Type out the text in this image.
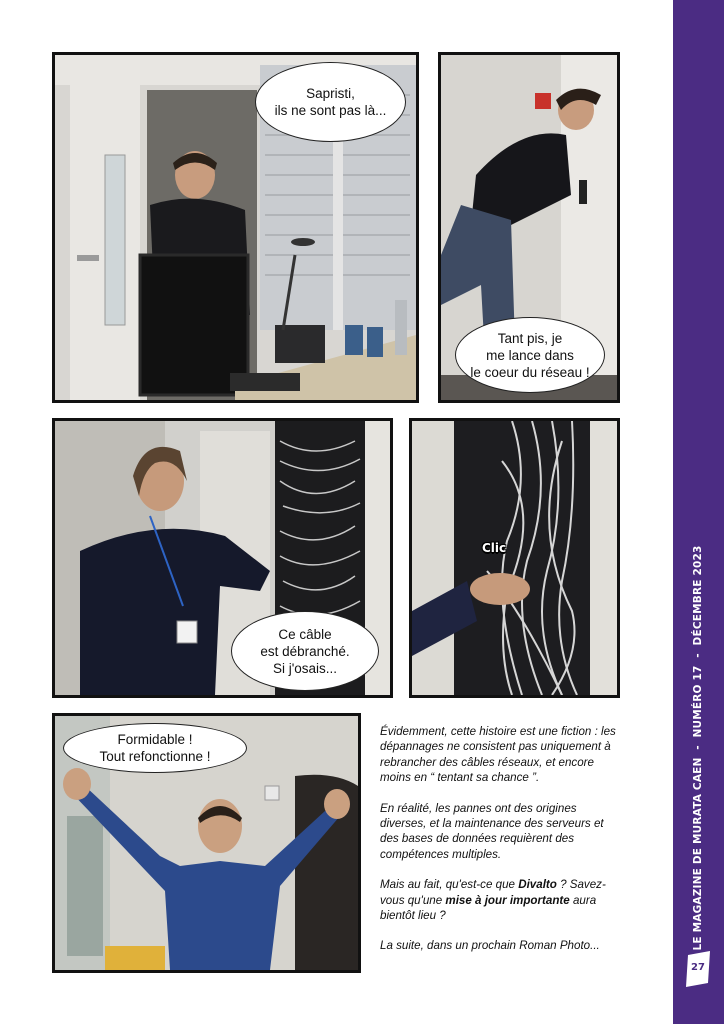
Sapristi,
ils ne sont pas là...
Tant pis, je
me lance dans
le coeur du réseau !
Ce câble
est débranché.
Si j'osais...
Clic
Formidable !
Tout refonctionne !

Évidemment, cette histoire est une fiction : les dépannages ne consistent pas uniquement à rebrancher des câbles réseaux, et encore moins en “ tentant sa chance ”.

En réalité, les pannes ont des origines diverses, et la maintenance des serveurs et des bases de données requièrent des compétences multiples.

Mais au fait, qu'est-ce que Divalto ? Savez-vous qu'une mise à jour importante aura bientôt lieu ?

La suite, dans un prochain Roman Photo...	LE MAGAZINE DE MURATA CAEN  -  NUMÉRO 17  -  DÉCEMBRE 2023
27
